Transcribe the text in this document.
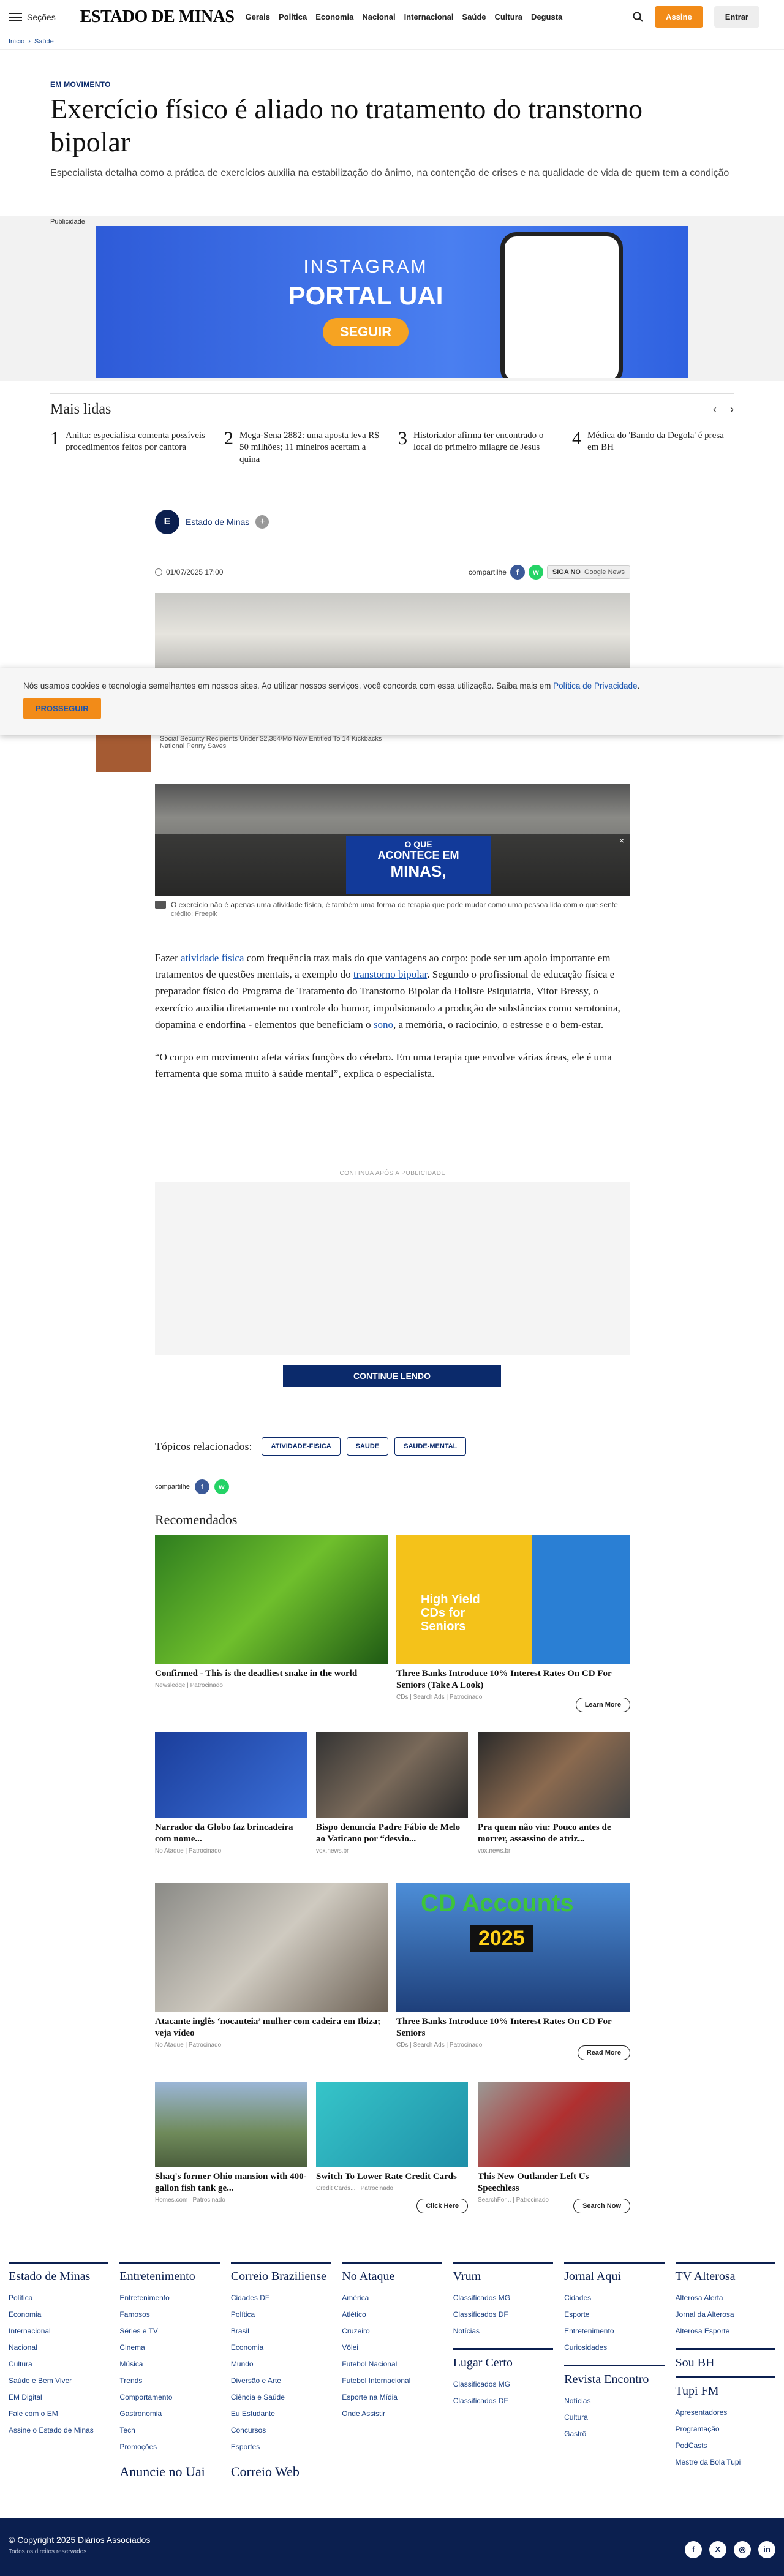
Seções ESTADO DE MINAS Gerais Política Economia Nacional Internacional Saúde Cultura Degusta	Assine	Entrar
Início › Saúde
EM MOVIMENTO
Exercício físico é aliado no tratamento do transtorno bipolar
Especialista detalha como a prática de exercícios auxilia na estabilização do ânimo, na contenção de crises e na qualidade de vida de quem tem a condição
Publicidade
INSTAGRAM
PORTAL UAI
SEGUIR
Mais lidas	‹ ›
1 Anitta: especialista comenta possíveis procedimentos feitos por cantora	2 Mega-Sena 2882: uma aposta leva R$ 50 milhões; 11 mineiros acertam a quina
3 Historiador afirma ter encontrado o local do primeiro milagre de Jesus	4 Médica do 'Bando da Degola' é presa em BH
E	Estado de Minas	+
01/07/2025 17:00	compartilhe	f	w	SIGA NO Google News
Nós usamos cookies e tecnologia semelhantes em nossos sites. Ao utilizar nossos serviços, você concorda com essa utilização. Saiba mais em Política de Privacidade.
PROSSEGUIR
Social Security Recipients Under $2,384/Mo Now Entitled To 14 Kickbacks
National Penny Saves
O QUE
ACONTECE EM
MINAS,
×
O exercício não é apenas uma atividade física, é também uma forma de terapia que pode mudar como uma pessoa lida com o que sente
crédito: Freepik

Fazer atividade física com frequência traz mais do que vantagens ao corpo: pode ser um apoio importante em tratamentos de questões mentais, a exemplo do transtorno bipolar. Segundo o profissional de educação física e preparador físico do Programa de Tratamento do Transtorno Bipolar da Holiste Psiquiatria, Vitor Bressy, o exercício auxilia diretamente no controle do humor, impulsionando a produção de substâncias como serotonina, dopamina e endorfina - elementos que beneficiam o sono, a memória, o raciocínio, o estresse e o bem-estar.

“O corpo em movimento afeta várias funções do cérebro. Em uma terapia que envolve várias áreas, ele é uma ferramenta que soma muito à saúde mental”, explica o especialista.

CONTINUA APÓS A PUBLICIDADE
CONTINUE LENDO
Tópicos relacionados:	ATIVIDADE-FISICA	SAUDE	SAUDE-MENTAL
compartilhe	f	w
Recomendados
Confirmed - This is the deadliest snake in the world
Newsledge | Patrocinado
High Yield CDs for Seniors
Three Banks Introduce 10% Interest Rates On CD For Seniors (Take A Look)
CDs | Search Ads | Patrocinado
Learn More
Narrador da Globo faz brincadeira com nome...
No Ataque | Patrocinado
Bispo denuncia Padre Fábio de Melo ao Vaticano por “desvio...
vox.news.br
Pra quem não viu: Pouco antes de morrer, assassino de atriz...
vox.news.br
Atacante inglês ‘nocauteia’ mulher com cadeira em Ibiza; veja vídeo
No Ataque | Patrocinado
CD Accounts
2025
Three Banks Introduce 10% Interest Rates On CD For Seniors
CDs | Search Ads | Patrocinado
Read More
Shaq's former Ohio mansion with 400-gallon fish tank ge...
Homes.com | Patrocinado
Switch To Lower Rate Credit Cards
Credit Cards... | Patrocinado
Click Here
This New Outlander Left Us Speechless
SearchFor... | Patrocinado
Search Now
Estado de Minas
Política
Economia
Internacional
Nacional
Cultura
Saúde e Bem Viver
EM Digital
Fale com o EM
Assine o Estado de Minas
Entretenimento
Entretenimento
Famosos
Séries e TV
Cinema
Música
Trends
Comportamento
Gastronomia
Tech
Promoções
Anuncie no Uai
Correio Braziliense
Cidades DF
Política
Brasil
Economia
Mundo
Diversão e Arte
Ciência e Saúde
Eu Estudante
Concursos
Esportes
Correio Web
No Ataque
América
Atlético
Cruzeiro
Vôlei
Futebol Nacional
Futebol Internacional
Esporte na Mídia
Onde Assistir
Vrum
Classificados MG
Classificados DF
Notícias
Lugar Certo
Classificados MG
Classificados DF
Jornal Aqui
Cidades
Esporte
Entretenimento
Curiosidades
Revista Encontro
Notícias
Cultura
Gastrô
TV Alterosa
Alterosa Alerta
Jornal da Alterosa
Alterosa Esporte
Sou BH
Tupi FM
Apresentadores
Programação
PodCasts
Mestre da Bola Tupi
© Copyright 2025 Diários Associados
Todos os direitos reservados	f	X	◎	in
